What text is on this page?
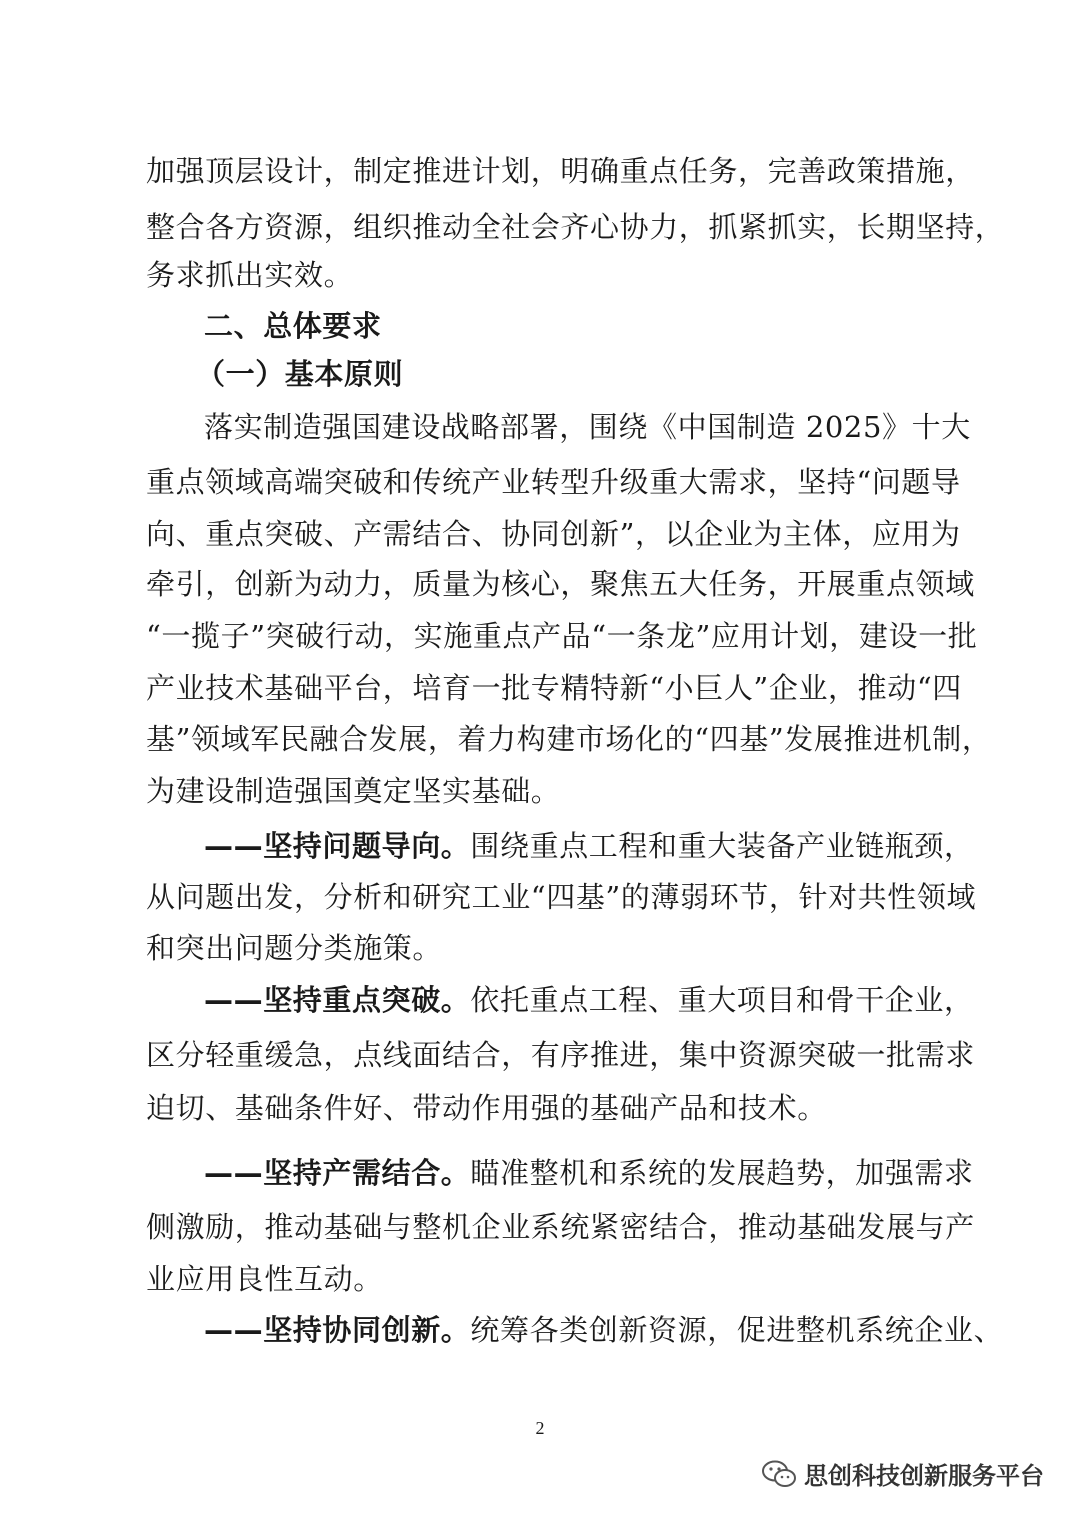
加强顶层设计，制定推进计划，明确重点任务，完善政策措施，
整合各方资源，组织推动全社会齐心协力，抓紧抓实，长期坚持，
务求抓出实效。
二、总体要求
（一）基本原则
落实制造强国建设战略部署，围绕《中国制造 2025》十大
重点领域高端突破和传统产业转型升级重大需求，坚持“问题导
向、重点突破、产需结合、协同创新”，以企业为主体，应用为
牵引，创新为动力，质量为核心，聚焦五大任务，开展重点领域
“一揽子”突破行动，实施重点产品“一条龙”应用计划，建设一批
产业技术基础平台，培育一批专精特新“小巨人”企业，推动“四
基”领域军民融合发展，着力构建市场化的“四基”发展推进机制，
为建设制造强国奠定坚实基础。
——坚持问题导向。围绕重点工程和重大装备产业链瓶颈，
从问题出发，分析和研究工业“四基”的薄弱环节，针对共性领域
和突出问题分类施策。
——坚持重点突破。依托重点工程、重大项目和骨干企业，
区分轻重缓急，点线面结合，有序推进，集中资源突破一批需求
迫切、基础条件好、带动作用强的基础产品和技术。
——坚持产需结合。瞄准整机和系统的发展趋势，加强需求
侧激励，推动基础与整机企业系统紧密结合，推动基础发展与产
业应用良性互动。
——坚持协同创新。统筹各类创新资源，促进整机系统企业、
2
思创科技创新服务平台
